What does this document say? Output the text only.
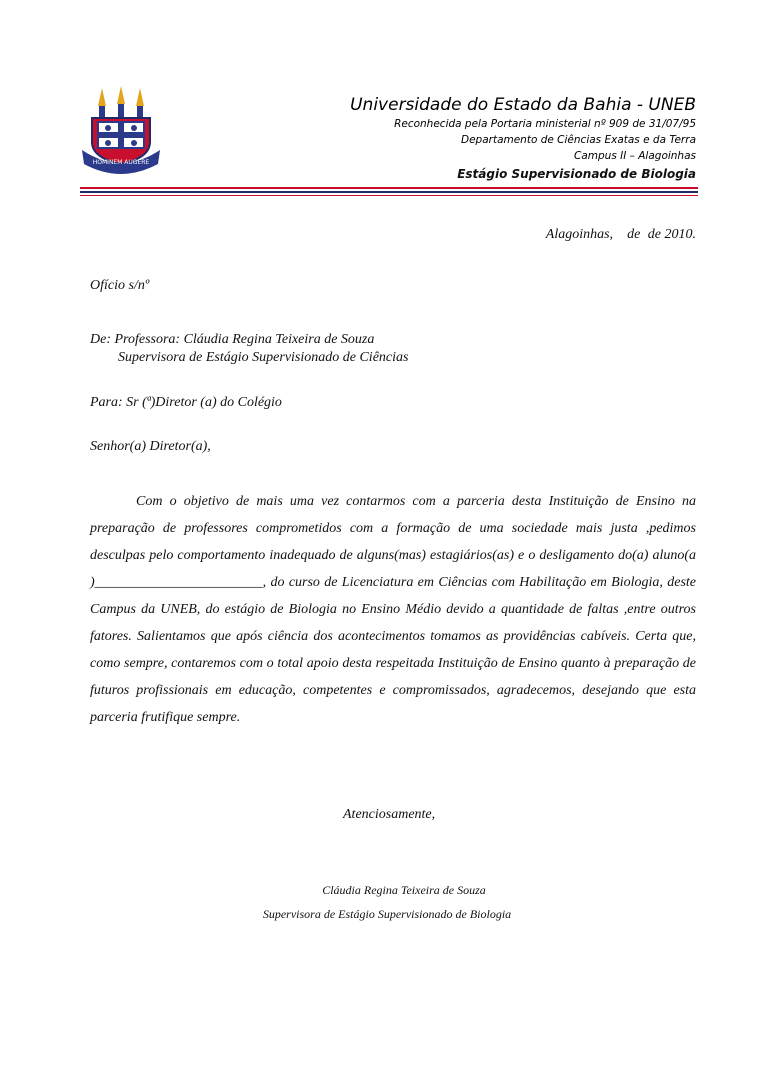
HOMINEM AUGERE
Universidade do Estado da Bahia - UNEB
Reconhecida pela Portaria ministerial nº 909 de 31/07/95
Departamento de Ciências Exatas e da Terra
Campus II – Alagoinhas
Estágio Supervisionado de Biologia
Alagoinhas, de de 2010.
Ofício s/nº
De: Professora: Cláudia Regina Teixeira de Souza
Supervisora de Estágio Supervisionado de Ciências
Para: Sr (ª)Diretor (a) do Colégio
Senhor(a) Diretor(a),
Com o objetivo de mais uma vez contarmos com a parceria desta Instituição de Ensino na preparação de professores comprometidos com a formação de uma sociedade mais justa ,pedimos desculpas pelo comportamento inadequado de alguns(mas) estagiários(as) e o desligamento do(a) aluno(a )________________________, do curso de Licenciatura em Ciências com Habilitação em Biologia, deste Campus da UNEB, do estágio de Biologia no Ensino Médio devido a quantidade de faltas ,entre outros fatores. Salientamos que após ciência dos acontecimentos tomamos as providências cabíveis. Certa que, como sempre, contaremos com o total apoio desta respeitada Instituição de Ensino quanto à preparação de futuros profissionais em educação, competentes e compromissados, agradecemos, desejando que esta parceria frutifique sempre.
Atenciosamente,
Cláudia Regina Teixeira de Souza
Supervisora de Estágio Supervisionado de Biologia
